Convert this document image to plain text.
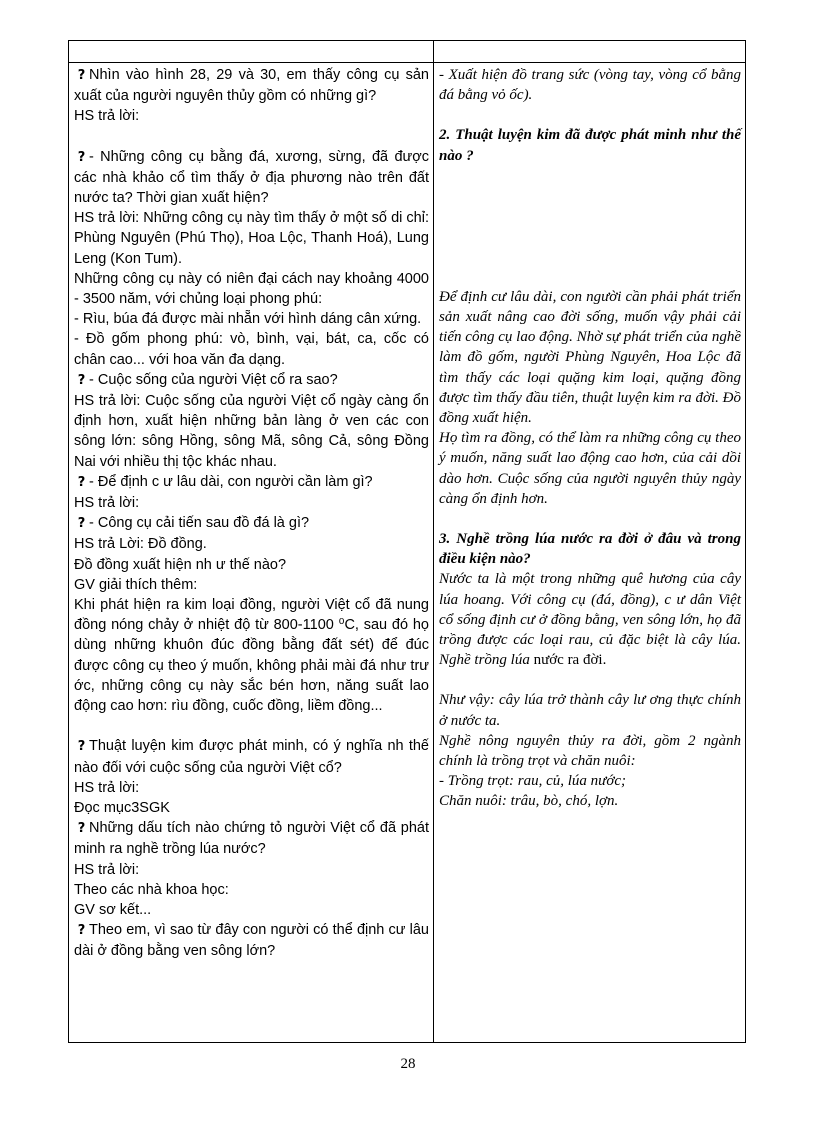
? Nhìn vào hình 28, 29 và 30, em thấy công cụ sản xuất của người nguyên thủy gồm có những gì?

HS trả lời:

? - Những công cụ bằng đá, xương, sừng, đã được các nhà khảo cổ tìm thấy ở địa phương nào trên đất nước ta? Thời gian xuất hiện?

HS trả lời: Những công cụ này tìm thấy ở một số di chỉ: Phùng Nguyên (Phú Thọ), Hoa Lộc, Thanh Hoá), Lung Leng (Kon Tum).

Những công cụ này có niên đại cách nay khoảng 4000 - 3500 năm, với chủng loại phong phú:

- Rìu, búa đá được mài nhẵn với hình dáng cân xứng.

- Đồ gốm phong phú: vò, bình, vại, bát, ca, cốc có chân cao... với hoa văn đa dạng.

? - Cuộc sống của người Việt cổ ra sao?

HS trả lời: Cuộc sống của người Việt cổ ngày càng ổn định hơn, xuất hiện những bản làng ở ven các con sông lớn: sông Hồng, sông Mã, sông Cả, sông Đồng Nai với nhiều thị tộc khác nhau.

? - Để định c ư lâu dài, con người cần làm gì?

HS trả lời:

? - Công cụ cải tiến sau đồ đá là gì?

HS trả Lời: Đồ đồng.

Đồ đồng xuất hiện nh ư thế nào?

GV giải thích thêm:

Khi phát hiện ra kim loại đồng, người Việt cổ đã nung đồng nóng chảy ở nhiệt độ từ 800-1100 ⁰C, sau đó họ dùng những khuôn đúc đồng bằng đất sét) để đúc được công cụ theo ý muốn, không phải mài đá như trư ớc, những công cụ này sắc bén hơn, năng suất lao động cao hơn: rìu đồng, cuốc đồng, liềm đồng...

? Thuật luyện kim được phát minh, có ý nghĩa nh thế nào đối với cuộc sống của người Việt cổ?

HS trả lời:

Đọc mục3SGK

? Những dấu tích nào chứng tỏ người Việt cổ đã phát minh ra nghề trồng lúa nước?

HS trả lời:

Theo các nhà khoa học:

GV sơ kết...

? Theo em, vì sao từ đây con người có thể định cư lâu dài ở đồng bằng ven sông lớn?

- Xuất hiện đồ trang sức (vòng tay, vòng cổ bằng đá bằng vỏ ốc).

2. Thuật luyện kim đã được phát minh như thế nào ?

Để định cư lâu dài, con người cần phải phát triển sản xuất nâng cao đời sống, muốn vậy phải cải tiến công cụ lao động. Nhờ sự phát triển của nghề làm đồ gốm, người Phùng Nguyên, Hoa Lộc đã tìm thấy các loại quặng kim loại, quặng đồng được tìm thấy đầu tiên, thuật luyện kim ra đời. Đồ đồng xuất hiện.

Họ tìm ra đồng, có thể làm ra những công cụ theo ý muốn, năng suất lao động cao hơn, của cải dồi dào hơn. Cuộc sống của người nguyên thủy ngày càng ổn định hơn.

3. Nghề trồng lúa nước ra đời ở đâu và trong điều kiện nào?

Nước ta là một trong những quê hương của cây lúa hoang. Với công cụ (đá, đồng), c ư dân Việt cổ sống định cư ở đồng bằng, ven sông lớn, họ đã trồng được các loại rau, củ đặc biệt là cây lúa. Nghề trồng lúa nước ra đời.

Như vậy: cây lúa trở thành cây lư ơng thực chính ở nước ta.

Nghề nông nguyên thủy ra đời, gồm 2 ngành chính là trồng trọt và chăn nuôi:

- Trồng trọt: rau, củ, lúa nước;

Chăn nuôi: trâu, bò, chó, lợn.

28
